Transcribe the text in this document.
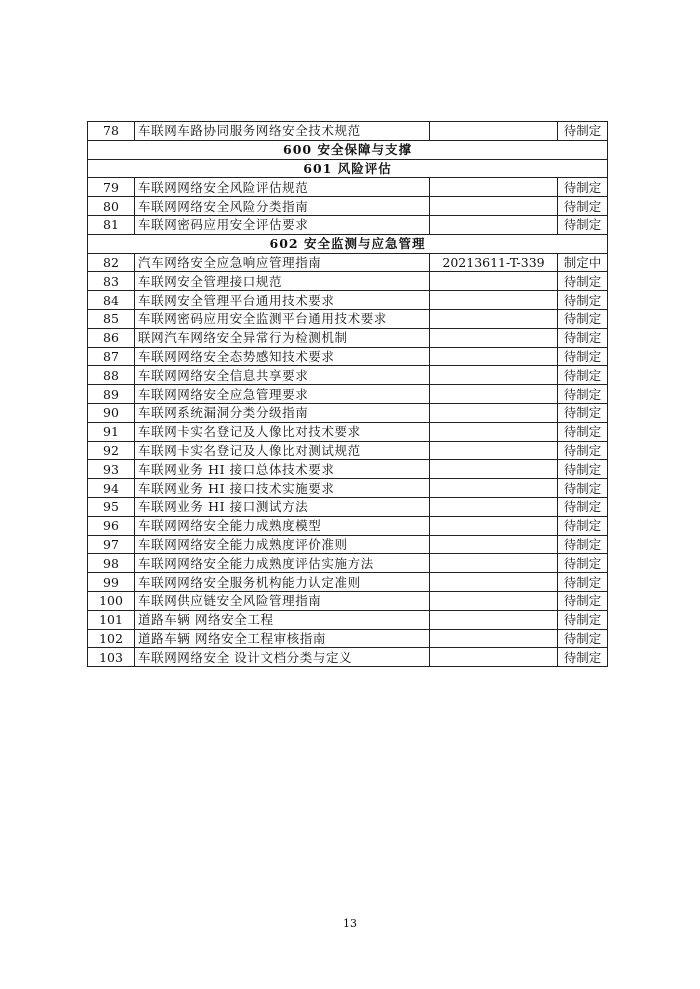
78	车联网车路协同服务网络安全技术规范		待制定
600 安全保障与支撑			
601 风险评估			
79	车联网网络安全风险评估规范		待制定
80	车联网网络安全风险分类指南		待制定
81	车联网密码应用安全评估要求		待制定
602 安全监测与应急管理			
82	汽车网络安全应急响应管理指南	20213611-T-339	制定中
83	车联网安全管理接口规范		待制定
84	车联网安全管理平台通用技术要求		待制定
85	车联网密码应用安全监测平台通用技术要求		待制定
86	联网汽车网络安全异常行为检测机制		待制定
87	车联网网络安全态势感知技术要求		待制定
88	车联网网络安全信息共享要求		待制定
89	车联网网络安全应急管理要求		待制定
90	车联网系统漏洞分类分级指南		待制定
91	车联网卡实名登记及人像比对技术要求		待制定
92	车联网卡实名登记及人像比对测试规范		待制定
93	车联网业务 HI 接口总体技术要求		待制定
94	车联网业务 HI 接口技术实施要求		待制定
95	车联网业务 HI 接口测试方法		待制定
96	车联网网络安全能力成熟度模型		待制定
97	车联网网络安全能力成熟度评价准则		待制定
98	车联网网络安全能力成熟度评估实施方法		待制定
99	车联网网络安全服务机构能力认定准则		待制定
100	车联网供应链安全风险管理指南		待制定
101	道路车辆 网络安全工程		待制定
102	道路车辆 网络安全工程审核指南		待制定
103	车联网网络安全 设计文档分类与定义		待制定
13
